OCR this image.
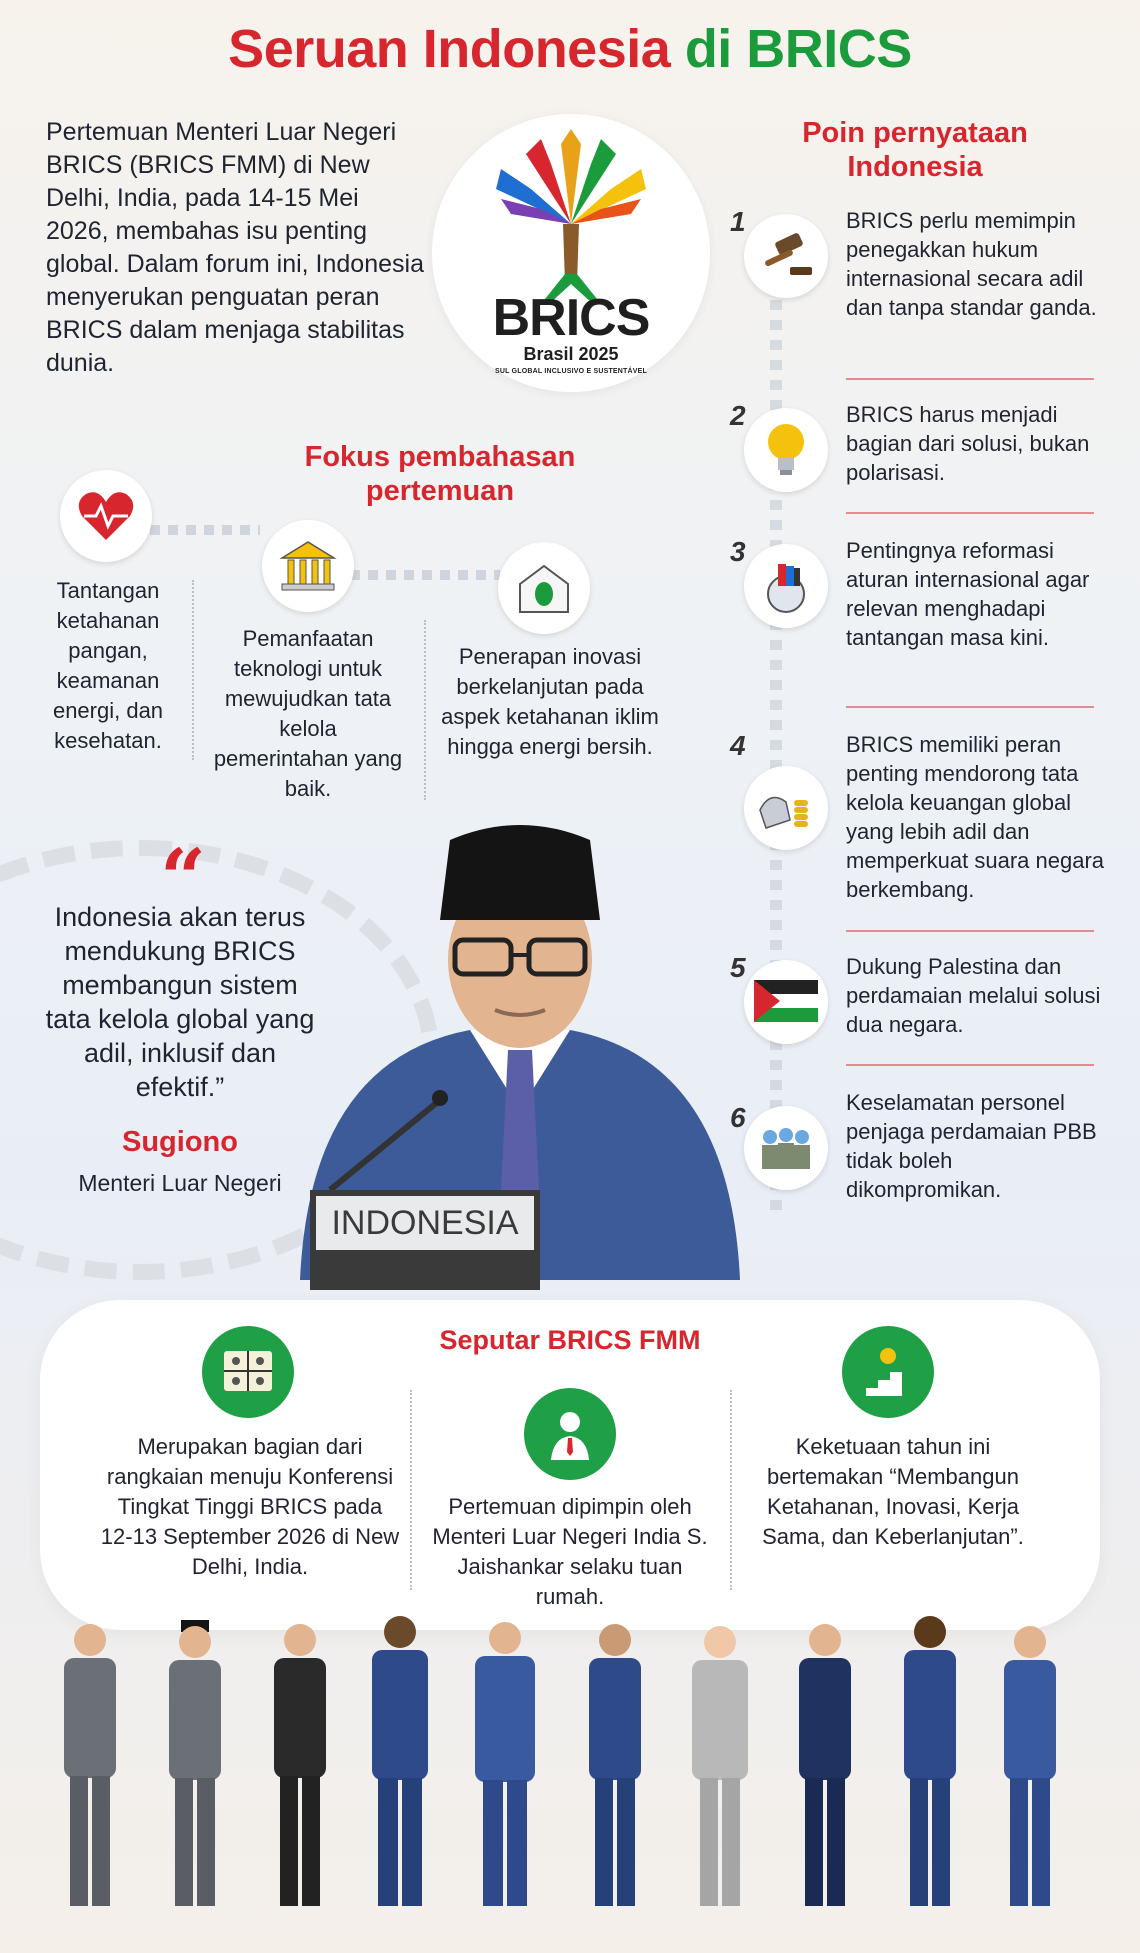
Seruan Indonesia di BRICS
Pertemuan Menteri Luar Negeri BRICS (BRICS FMM) di New Delhi, India, pada 14-15 Mei 2026, membahas isu penting global. Dalam forum ini, Indonesia menyerukan penguatan peran BRICS dalam menjaga stabilitas dunia.
BRICS
Brasil 2025
SUL GLOBAL INCLUSIVO E SUSTENTÁVEL
Poin pernyataan Indonesia
1	BRICS perlu memimpin penegakkan hukum internasional secara adil dan tanpa standar ganda.
2	BRICS harus menjadi bagian dari solusi, bukan polarisasi.
3	Pentingnya reformasi aturan internasional agar relevan menghadapi tantangan masa kini.
4	BRICS memiliki peran penting mendorong tata kelola keuangan global yang lebih adil dan memperkuat suara negara berkembang.
5	Dukung Palestina dan perdamaian melalui solusi dua negara.
6	Keselamatan personel penjaga perdamaian PBB tidak boleh dikompromikan.
Fokus pembahasan pertemuan
Tantangan ketahanan pangan, keamanan energi, dan kesehatan.
Pemanfaatan teknologi untuk mewujudkan tata kelola pemerintahan yang baik.
Penerapan inovasi berkelanjutan pada aspek ketahanan iklim hingga energi bersih.
“
Indonesia akan terus mendukung BRICS membangun sistem tata kelola global yang adil, inklusif dan efektif.”
Sugiono
Menteri Luar Negeri
INDONESIA
Seputar BRICS FMM
Merupakan bagian dari rangkaian menuju Konferensi Tingkat Tinggi BRICS pada 12-13 September 2026 di New Delhi, India.
Pertemuan dipimpin oleh Menteri Luar Negeri India S. Jaishankar selaku tuan rumah.
Keketuaan tahun ini bertemakan “Membangun Ketahanan, Inovasi, Kerja Sama, dan Keberlanjutan”.
